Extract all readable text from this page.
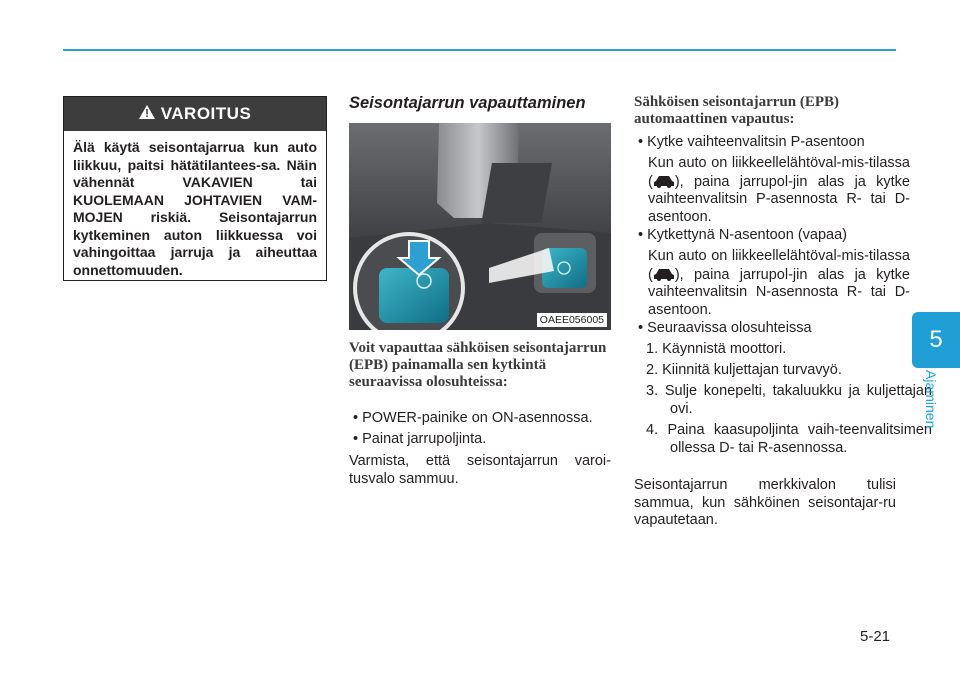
VAROITUS
Älä käytä seisontajarrua kun auto liikkuu, paitsi hätätilantees-sa. Näin vähennät VAKAVIEN tai KUOLEMAAN JOHTAVIEN VAM-MOJEN riskiä. Seisontajarrun kytkeminen auton liikkuessa voi vahingoittaa jarruja ja aiheuttaa onnettomuuden.
Seisontajarrun vapauttaminen
OAEE056005
Voit vapauttaa sähköisen seisontajarrun (EPB) painamalla sen kytkintä seuraavissa olosuhteissa:
• POWER-painike on ON-asennossa.
• Painat jarrupoljinta.
Varmista, että seisontajarrun varoi-tusvalo sammuu.
Sähköisen seisontajarrun (EPB) automaattinen vapautus:
• Kytke vaihteenvalitsin P-asentoon
Kun auto on liikkeellelähtöval-mis-tilassa ( ), paina jarrupol-jin alas ja kytke vaihteenvalitsin P-asennosta R- tai D-asentoon.
• Kytkettynä N-asentoon (vapaa)
Kun auto on liikkeellelähtöval-mis-tilassa ( ), paina jarrupol-jin alas ja kytke vaihteenvalitsin N-asennosta R- tai D-asentoon.
• Seuraavissa olosuhteissa
1. Käynnistä moottori.
2. Kiinnitä kuljettajan turvavyö.
3. Sulje konepelti, takaluukku ja kuljettajan ovi.
4. Paina kaasupoljinta vaih-teenvalitsimen ollessa D- tai R-asennossa.
Seisontajarrun merkkivalon tulisi sammua, kun sähköinen seisontajar-ru vapautetaan.
5
Ajaminen
5-21
